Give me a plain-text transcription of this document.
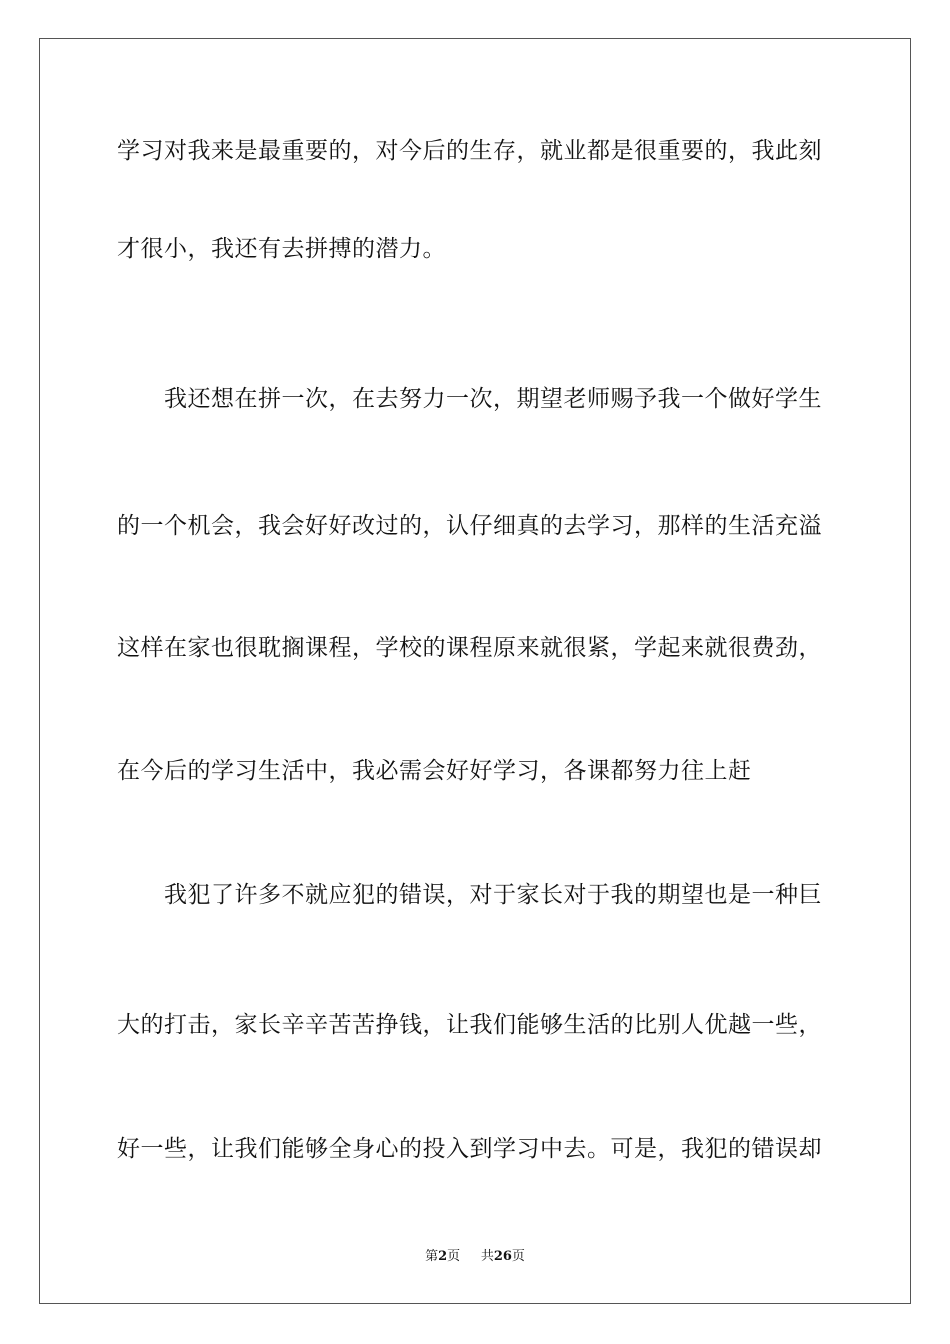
学习对我来是最重要的，对今后的生存，就业都是很重要的，我此刻
才很小，我还有去拼搏的潜力。
我还想在拼一次，在去努力一次，期望老师赐予我一个做好学生
的一个机会，我会好好改过的，认仔细真的去学习，那样的生活充溢
这样在家也很耽搁课程，学校的课程原来就很紧，学起来就很费劲，
在今后的学习生活中，我必需会好好学习，各课都努力往上赶
我犯了许多不就应犯的错误，对于家长对于我的期望也是一种巨
大的打击，家长辛辛苦苦挣钱，让我们能够生活的比别人优越一些，
好一些，让我们能够全身心的投入到学习中去。可是，我犯的错误却
第2页 共26页
